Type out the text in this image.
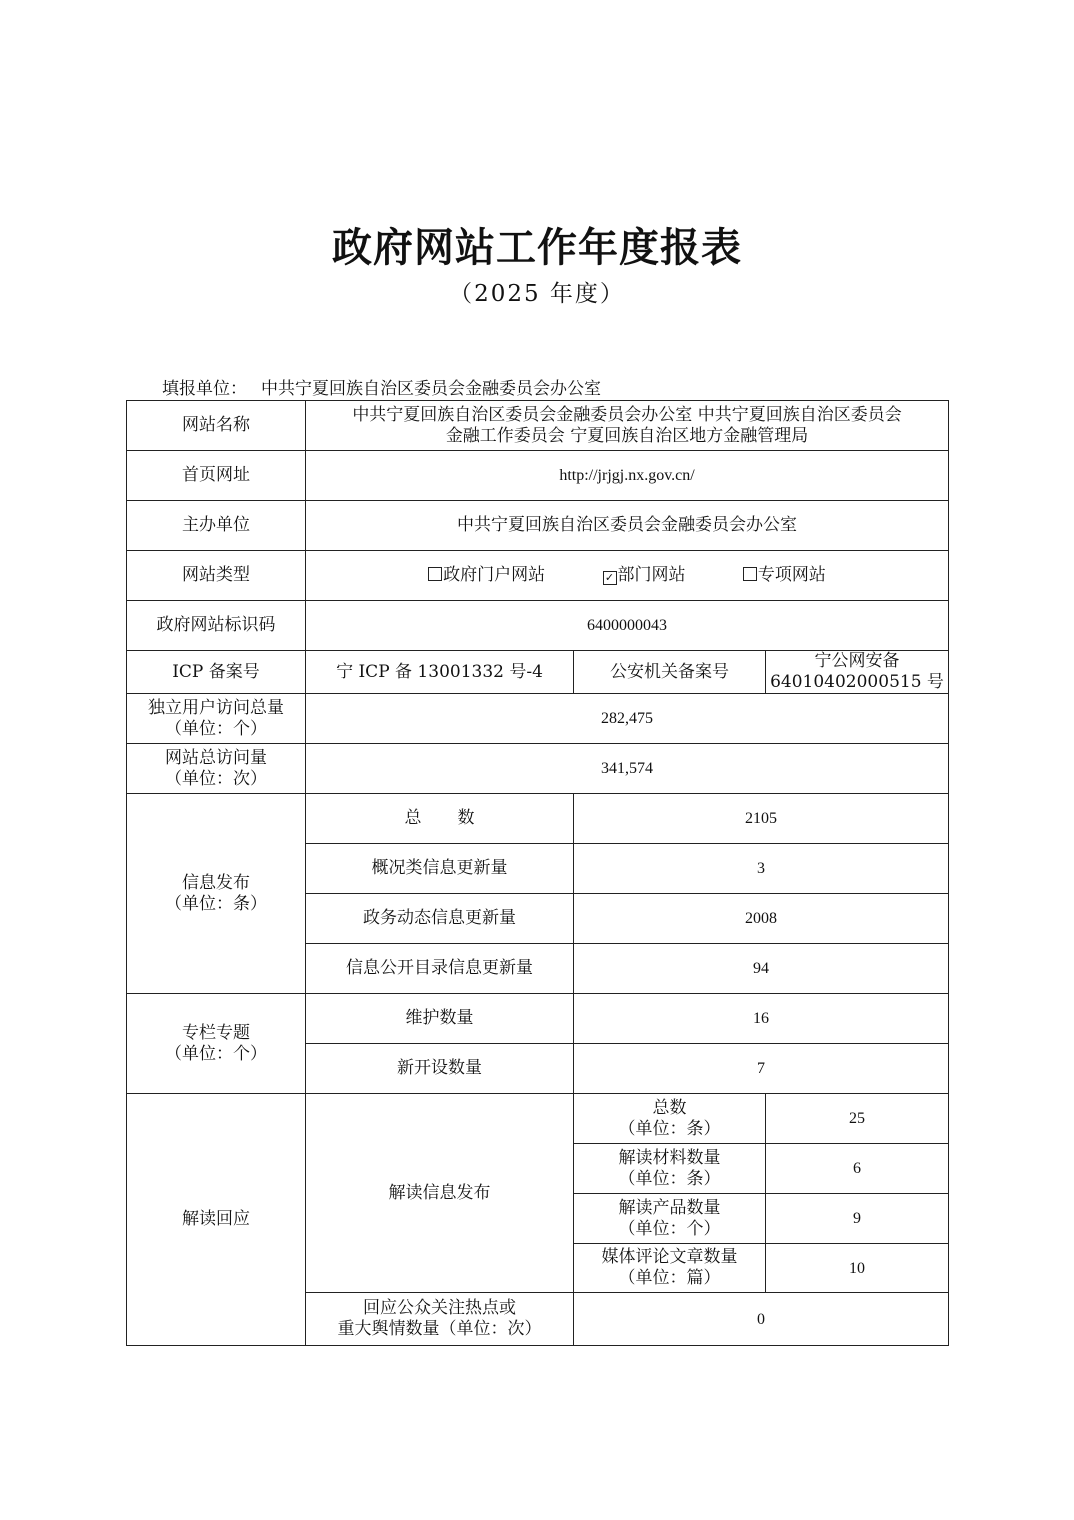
政府网站工作年度报表
（2025 年度）
填报单位： 中共宁夏回族自治区委员会金融委员会办公室
网站名称	中共宁夏回族自治区委员会金融委员会办公室 中共宁夏回族自治区委员会
金融工作委员会 宁夏回族自治区地方金融管理局		

首页网址	http://jrjgj.nx.gov.cn/		
主办单位	中共宁夏回族自治区委员会金融委员会办公室		
网站类型	政府门户网站 ✓ 部门网站 专项网站		
政府网站标识码	6400000043		
ICP 备案号	宁 ICP 备 13001332 号-4	公安机关备案号	宁公网安备
64010402000515 号

独立用户访问总量
（单位：个）	282,475		

网站总访问量
（单位：次）	341,574		

信息发布
（单位：条）	总数	2105	
	概况类信息更新量	3	
	政务动态信息更新量	2008	
	信息公开目录信息更新量	94	

专栏专题
（单位：个）	维护数量	16	
	新开设数量	7	
解读回应	解读信息发布	总数
（单位：条）	25

		解读材料数量
（单位：条）	6

		解读产品数量
（单位：个）	9

		媒体评论文章数量
（单位：篇）	10

	回应公众关注热点或
重大舆情数量（单位：次）	0	
